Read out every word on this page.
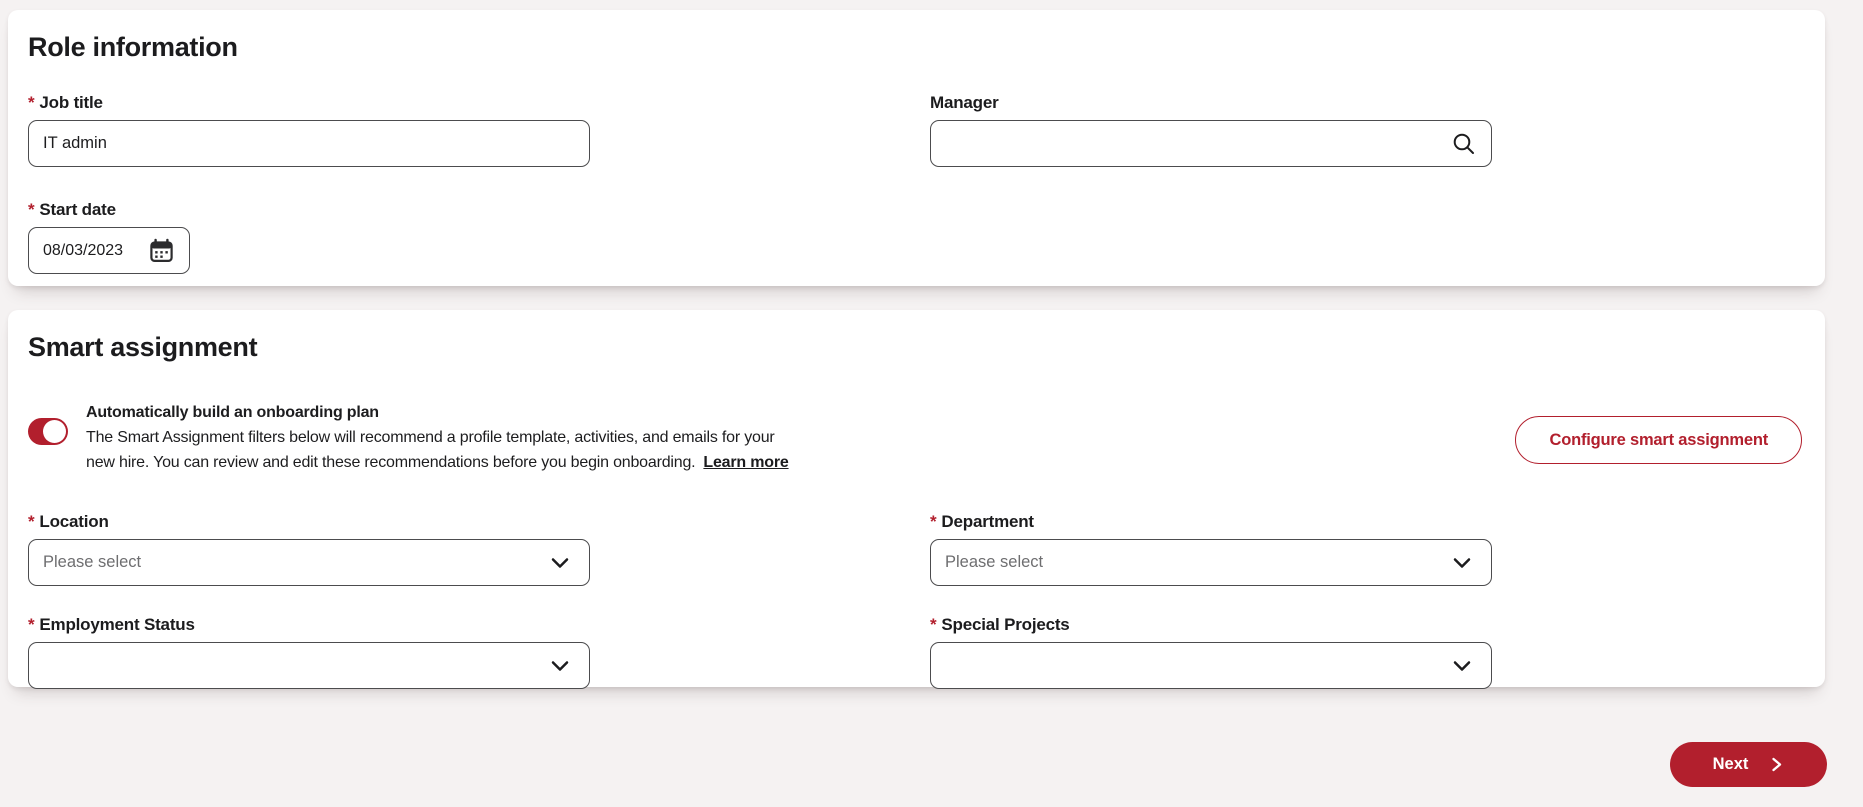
Role information
* Job title
IT admin	Manager
* Start date
08/03/2023
Smart assignment
Automatically build an onboarding plan
The Smart Assignment filters below will recommend a profile template, activities, and emails for your
new hire. You can review and edit these recommendations before you begin onboarding. Learn more
Configure smart assignment
* Location
Please select
* Department
Please select
* Employment Status	* Special Projects
Next
